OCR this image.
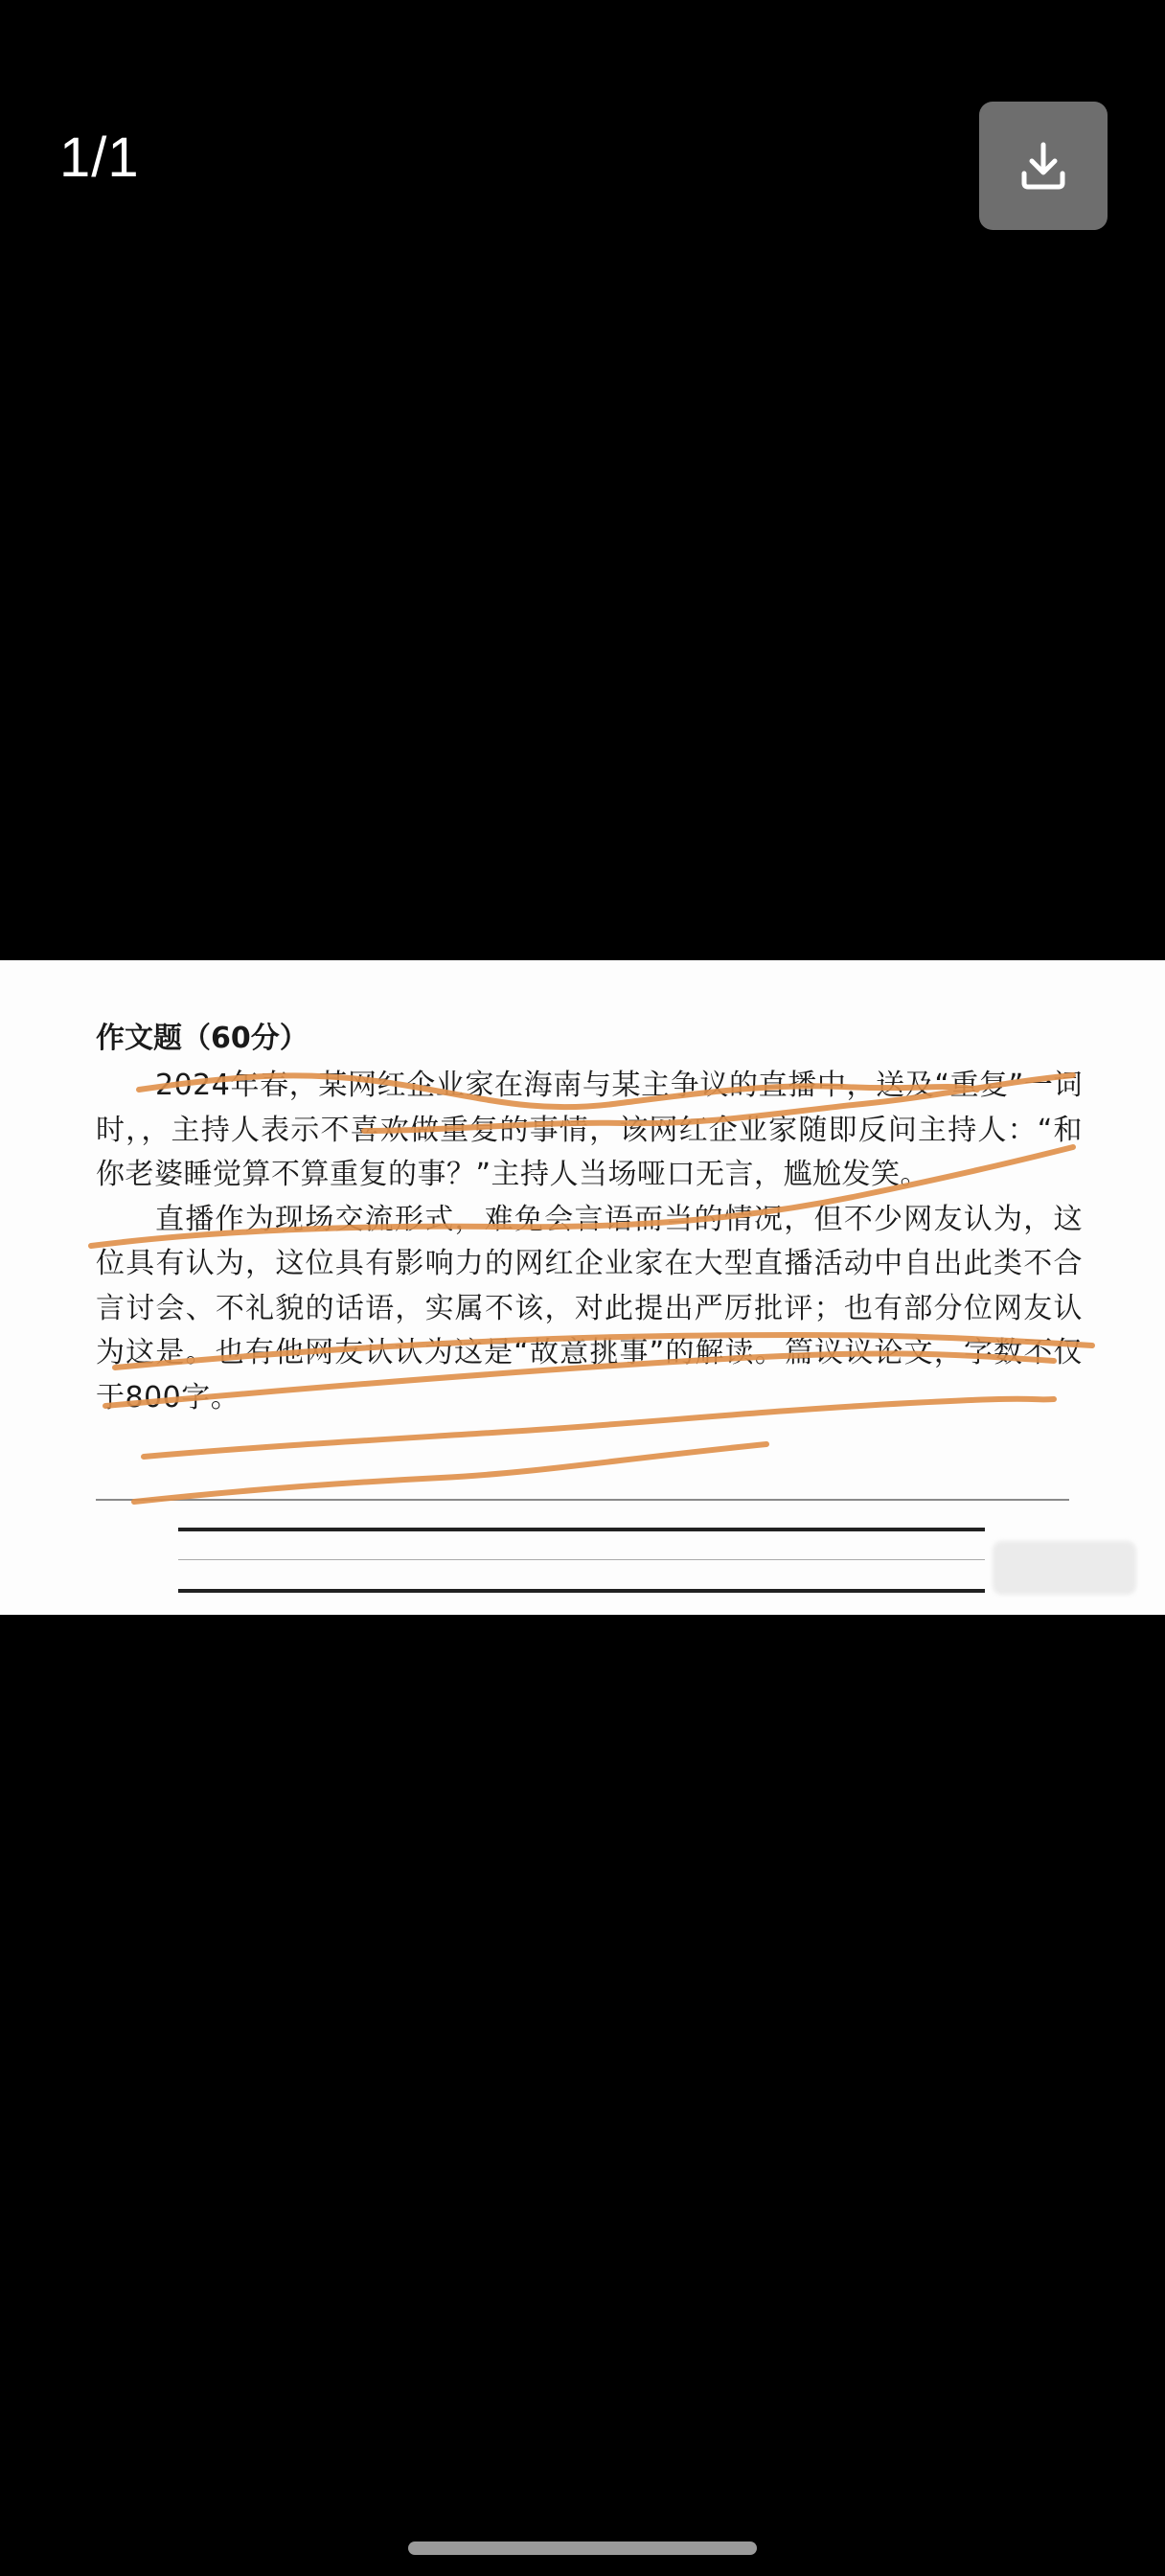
1/1
作文题（60分）

2024年春，某网红企业家在海南与某主争议的直播中，送及“重复”一词时，，主持人表示不喜欢做重复的事情，该网红企业家随即反问主持人：“和你老婆睡觉算不算重复的事？”主持人当场哑口无言，尴尬发笑。

直播作为现场交流形式，难免会言语而当的情况，但不少网友认为，这位具有认为，这位具有影响力的网红企业家在大型直播活动中自出此类不合言讨会、不礼貌的话语，实属不该，对此提出严厉批评；也有部分位网友认为这是。也有他网友认认为这是“故意挑事”的解读。篇议议论文，字数不仅于800字。
